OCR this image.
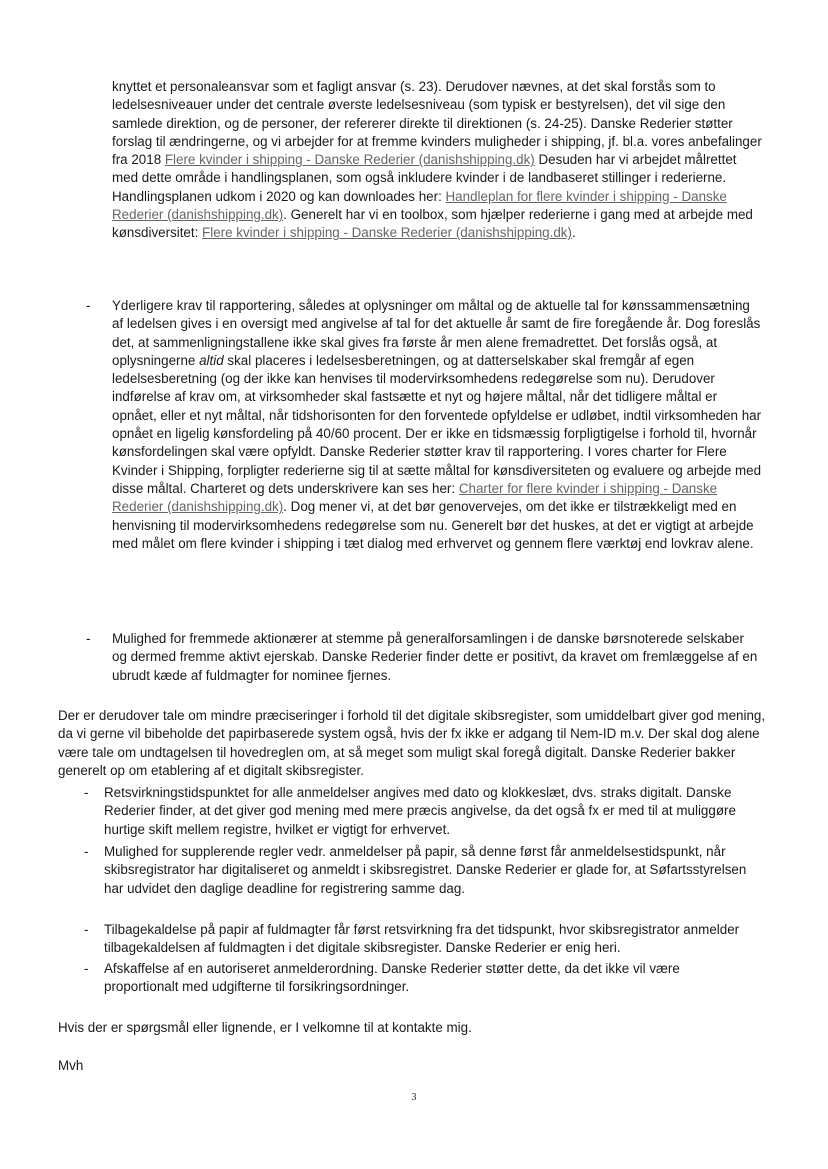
knyttet et personaleansvar som et fagligt ansvar (s. 23). Derudover nævnes, at det skal forstås som to ledelsesniveauer under det centrale øverste ledelsesniveau (som typisk er bestyrelsen), det vil sige den samlede direktion, og de personer, der refererer direkte til direktionen (s. 24-25). Danske Rederier støtter forslag til ændringerne, og vi arbejder for at fremme kvinders muligheder i shipping, jf. bl.a. vores anbefalinger fra 2018 Flere kvinder i shipping - Danske Rederier (danishshipping.dk) Desuden har vi arbejdet målrettet med dette område i handlingsplanen, som også inkludere kvinder i de landbaseret stillinger i rederierne. Handlingsplanen udkom i 2020 og kan downloades her: Handleplan for flere kvinder i shipping - Danske Rederier (danishshipping.dk). Generelt har vi en toolbox, som hjælper rederierne i gang med at arbejde med kønsdiversitet: Flere kvinder i shipping - Danske Rederier (danishshipping.dk).
-	Yderligere krav til rapportering, således at oplysninger om måltal og de aktuelle tal for kønssammensætning af ledelsen gives i en oversigt med angivelse af tal for det aktuelle år samt de fire foregående år. Dog foreslås det, at sammenligningstallene ikke skal gives fra første år men alene fremadrettet. Det forslås også, at oplysningerne altid skal placeres i ledelsesberetningen, og at datterselskaber skal fremgår af egen ledelsesberetning (og der ikke kan henvises til modervirksomhedens redegørelse som nu). Derudover indførelse af krav om, at virksomheder skal fastsætte et nyt og højere måltal, når det tidligere måltal er opnået, eller et nyt måltal, når tidshorisonten for den forventede opfyldelse er udløbet, indtil virksomheden har opnået en ligelig kønsfordeling på 40/60 procent. Der er ikke en tidsmæssig forpligtigelse i forhold til, hvornår kønsfordelingen skal være opfyldt. Danske Rederier støtter krav til rapportering. I vores charter for Flere Kvinder i Shipping, forpligter rederierne sig til at sætte måltal for kønsdiversiteten og evaluere og arbejde med disse måltal. Charteret og dets underskrivere kan ses her: Charter for flere kvinder i shipping - Danske Rederier (danishshipping.dk). Dog mener vi, at det bør genovervejes, om det ikke er tilstrækkeligt med en henvisning til modervirksomhedens redegørelse som nu. Generelt bør det huskes, at det er vigtigt at arbejde med målet om flere kvinder i shipping i tæt dialog med erhvervet og gennem flere værktøj end lovkrav alene.
-	Mulighed for fremmede aktionærer at stemme på generalforsamlingen i de danske børsnoterede selskaber og dermed fremme aktivt ejerskab. Danske Rederier finder dette er positivt, da kravet om fremlæggelse af en ubrudt kæde af fuldmagter for nominee fjernes.
Der er derudover tale om mindre præciseringer i forhold til det digitale skibsregister, som umiddelbart giver god mening, da vi gerne vil bibeholde det papirbaserede system også, hvis der fx ikke er adgang til Nem-ID m.v. Der skal dog alene være tale om undtagelsen til hovedreglen om, at så meget som muligt skal foregå digitalt. Danske Rederier bakker generelt op om etablering af et digitalt skibsregister.
-	Retsvirkningstidspunktet for alle anmeldelser angives med dato og klokkeslæt, dvs. straks digitalt. Danske Rederier finder, at det giver god mening med mere præcis angivelse, da det også fx er med til at muliggøre hurtige skift mellem registre, hvilket er vigtigt for erhvervet.
-	Mulighed for supplerende regler vedr. anmeldelser på papir, så denne først får anmeldelsestidspunkt, når skibsregistrator har digitaliseret og anmeldt i skibsregistret. Danske Rederier er glade for, at Søfartsstyrelsen har udvidet den daglige deadline for registrering samme dag.
-	Tilbagekaldelse på papir af fuldmagter får først retsvirkning fra det tidspunkt, hvor skibsregistrator anmelder tilbagekaldelsen af fuldmagten i det digitale skibsregister. Danske Rederier er enig heri.
-	Afskaffelse af en autoriseret anmelderordning. Danske Rederier støtter dette, da det ikke vil være proportionalt med udgifterne til forsikringsordninger.
Hvis der er spørgsmål eller lignende, er I velkomne til at kontakte mig.
Mvh
3
